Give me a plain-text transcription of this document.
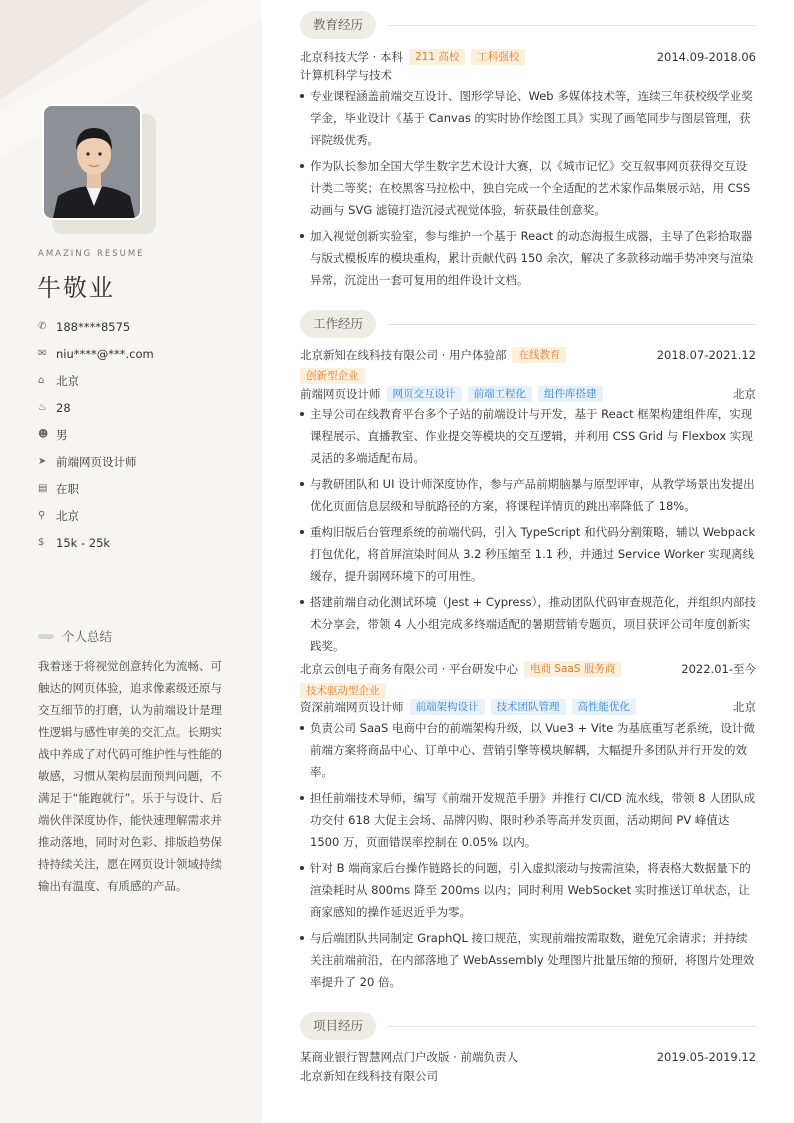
AMAZING RESUME
牛敬业
✆ 188****8575
✉ niu****@***.com
⌂	北京
♨ 28
☻ 男
➤ 前端网页设计师
▤ 在职
⚲ 北京
$	15k - 25k
个人总结
我着迷于将视觉创意转化为流畅、可触达的网页体验，追求像素级还原与交互细节的打磨，认为前端设计是理性逻辑与感性审美的交汇点。长期实战中养成了对代码可维护性与性能的敏感，习惯从架构层面预判问题，不满足于“能跑就行”。乐于与设计、后端伙伴深度协作，能快速理解需求并推动落地，同时对色彩、排版趋势保持持续关注，愿在网页设计领域持续输出有温度、有质感的产品。
教育经历
北京科技大学 · 本科	211 高校	工科强校	2014.09-2018.06
计算机科学与技术
专业课程涵盖前端交互设计、图形学导论、Web 多媒体技术等，连续三年获校级学业奖学金，毕业设计《基于 Canvas 的实时协作绘图工具》实现了画笔同步与图层管理，获评院级优秀。
作为队长参加全国大学生数字艺术设计大赛，以《城市记忆》交互叙事网页获得交互设计类二等奖；在校黑客马拉松中，独自完成一个全适配的艺术家作品集展示站，用 CSS 动画与 SVG 滤镜打造沉浸式视觉体验，斩获最佳创意奖。
加入视觉创新实验室，参与维护一个基于 React 的动态海报生成器，主导了色彩拾取器与版式模板库的模块重构，累计贡献代码 150 余次，解决了多款移动端手势冲突与渲染异常，沉淀出一套可复用的组件设计文档。
工作经历
北京新知在线科技有限公司 · 用户体验部	在线教育	2018.07-2021.12
创新型企业
前端网页设计师	网页交互设计	前端工程化	组件库搭建	北京
主导公司在线教育平台多个子站的前端设计与开发，基于 React 框架构建组件库，实现课程展示、直播教室、作业提交等模块的交互逻辑，并利用 CSS Grid 与 Flexbox 实现灵活的多端适配布局。
与教研团队和 UI 设计师深度协作，参与产品前期脑暴与原型评审，从教学场景出发提出优化页面信息层级和导航路径的方案，将课程详情页的跳出率降低了 18%。
重构旧版后台管理系统的前端代码，引入 TypeScript 和代码分割策略，辅以 Webpack 打包优化，将首屏渲染时间从 3.2 秒压缩至 1.1 秒，并通过 Service Worker 实现离线缓存，提升弱网环境下的可用性。
搭建前端自动化测试环境（Jest + Cypress），推动团队代码审查规范化，并组织内部技术分享会，带领 4 人小组完成多终端适配的暑期营销专题页，项目获评公司年度创新实践奖。
北京云创电子商务有限公司 · 平台研发中心	电商 SaaS 服务商	2022.01-至今
技术驱动型企业
资深前端网页设计师	前端架构设计	技术团队管理	高性能优化	北京
负责公司 SaaS 电商中台的前端架构升级，以 Vue3 + Vite 为基底重写老系统，设计微前端方案将商品中心、订单中心、营销引擎等模块解耦，大幅提升多团队并行开发的效率。
担任前端技术导师，编写《前端开发规范手册》并推行 CI/CD 流水线，带领 8 人团队成功交付 618 大促主会场、品牌闪购、限时秒杀等高并发页面，活动期间 PV 峰值达 1500 万，页面错误率控制在 0.05% 以内。
针对 B 端商家后台操作链路长的问题，引入虚拟滚动与按需渲染，将表格大数据量下的渲染耗时从 800ms 降至 200ms 以内；同时利用 WebSocket 实时推送订单状态，让商家感知的操作延迟近乎为零。
与后端团队共同制定 GraphQL 接口规范，实现前端按需取数，避免冗余请求；并持续关注前端前沿，在内部落地了 WebAssembly 处理图片批量压缩的预研，将图片处理效率提升了 20 倍。
项目经历
某商业银行智慧网点门户改版 · 前端负责人	2019.05-2019.12
北京新知在线科技有限公司
